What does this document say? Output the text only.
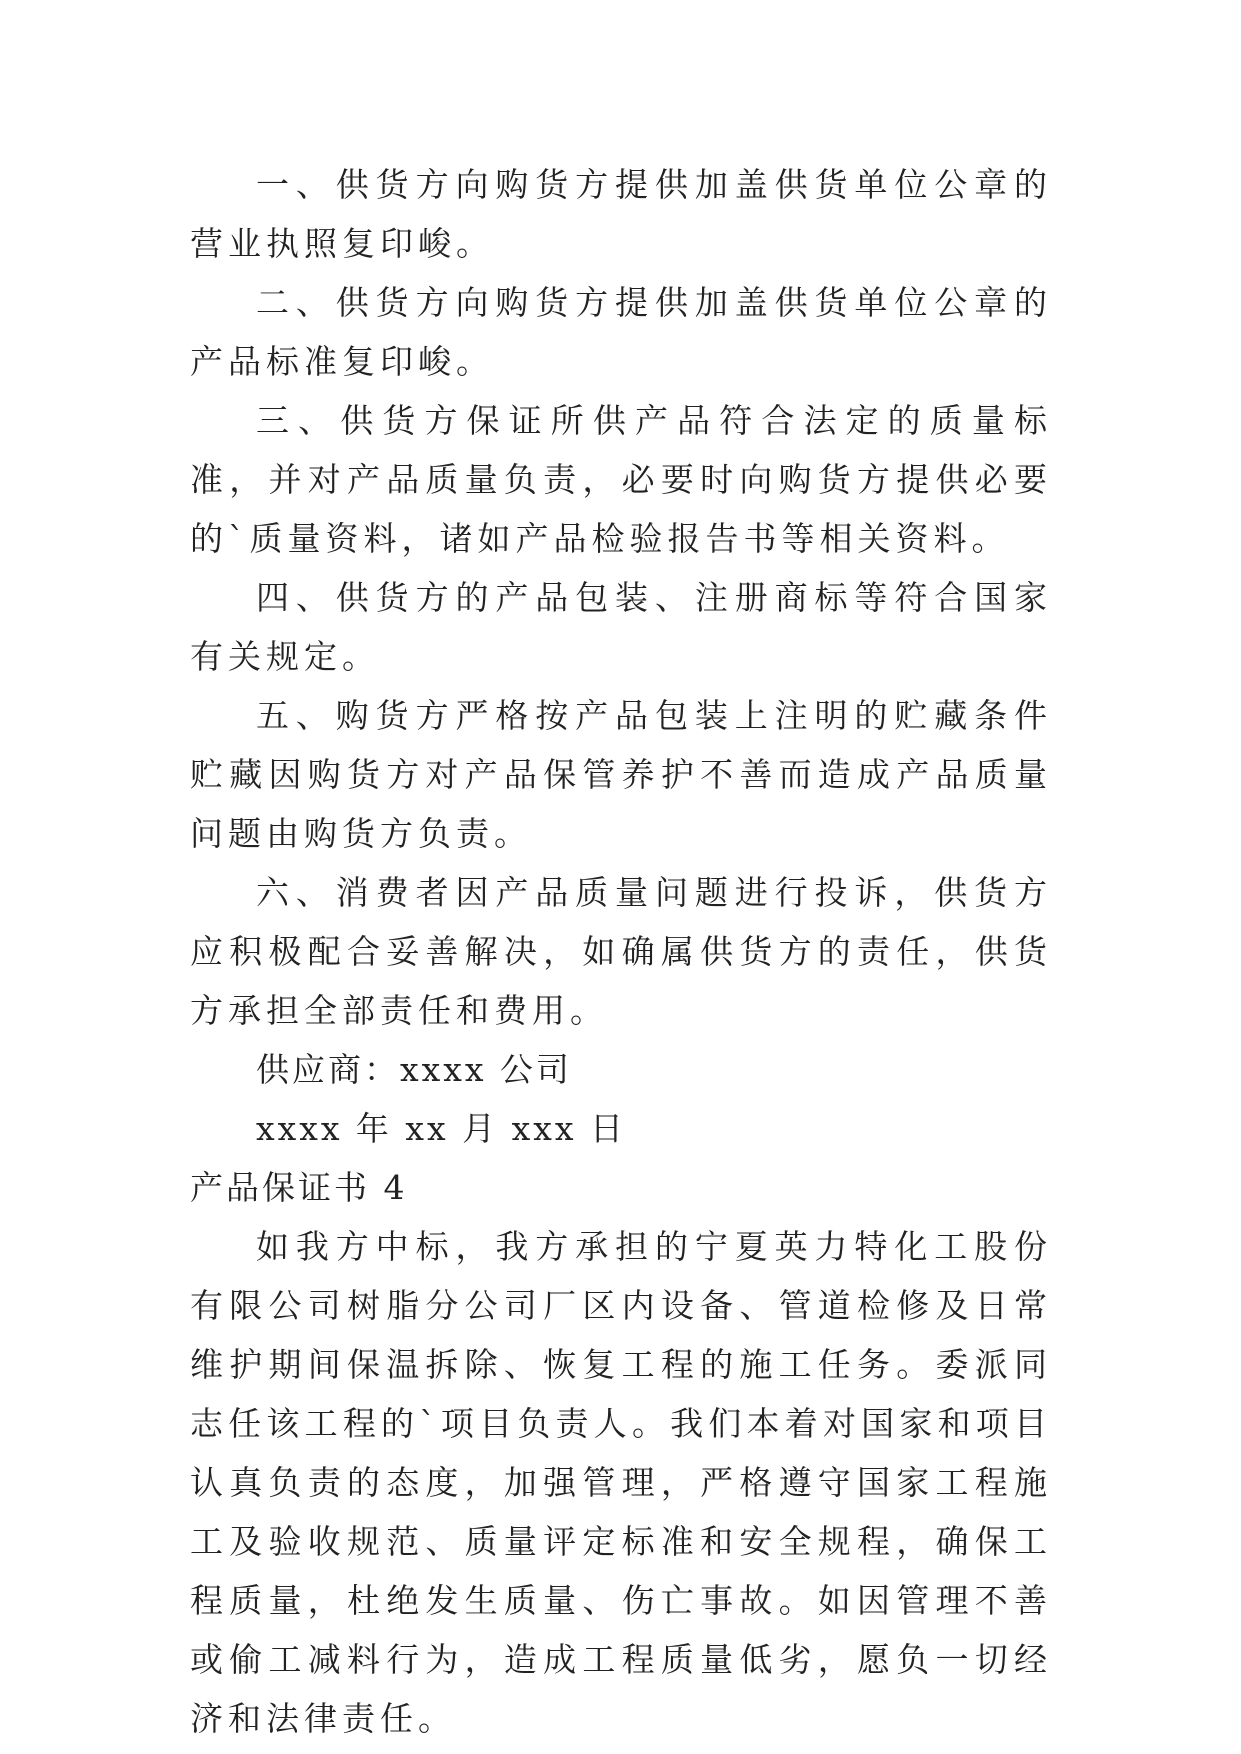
一、供货方向购货方提供加盖供货单位公章的营业执照复印峻。

二、供货方向购货方提供加盖供货单位公章的产品标准复印峻。

三、供货方保证所供产品符合法定的质量标准，并对产品质量负责，必要时向购货方提供必要的`质量资料，诸如产品检验报告书等相关资料。

四、供货方的产品包装、注册商标等符合国家有关规定。

五、购货方严格按产品包装上注明的贮藏条件贮藏因购货方对产品保管养护不善而造成产品质量问题由购货方负责。

六、消费者因产品质量问题进行投诉，供货方应积极配合妥善解决，如确属供货方的责任，供货方承担全部责任和费用。

供应商：xxxx 公司

xxxx 年 xx 月 xxx 日

产品保证书 4

如我方中标，我方承担的宁夏英力特化工股份有限公司树脂分公司厂区内设备、管道检修及日常维护期间保温拆除、恢复工程的施工任务。委派同志任该工程的`项目负责人。我们本着对国家和项目认真负责的态度，加强管理，严格遵守国家工程施工及验收规范、质量评定标准和安全规程，确保工程质量，杜绝发生质量、伤亡事故。如因管理不善或偷工减料行为，造成工程质量低劣，愿负一切经济和法律责任。
